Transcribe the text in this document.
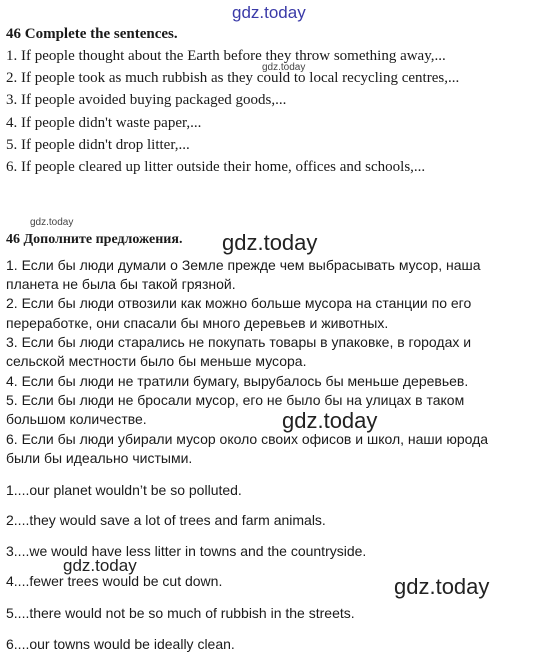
gdz.today
gdz.today
gdz.today
gdz.today
gdz.today
gdz.today
gdz.today
46 Complete the sentences.
1. If people thought about the Earth before they throw something away,...
2. If people took as much rubbish as they could to local recycling centres,...
3. If people avoided buying packaged goods,...
4. If people didn't waste paper,...
5. If people didn't drop litter,...
6. If people cleared up litter outside their home, offices and schools,...
46 Дополните предложения.
1. Если бы люди думали о Земле прежде чем выбрасывать мусор, наша
планета не была бы такой грязной.
2. Если бы люди отвозили как можно больше мусора на станции по его
переработке, они спасали бы много деревьев и животных.
3. Если бы люди старались не покупать товары в упаковке, в городах и
сельской местности было бы меньше мусора.
4. Если бы люди не тратили бумагу, вырубалось бы меньше деревьев.
5. Если бы люди не бросали мусор, его не было бы на улицах в таком
большом количестве.
6. Если бы люди убирали мусор около своих офисов и школ, наши юрода
были бы идеально чистыми.
1....our planet wouldn’t be so polluted.
2....they would save a lot of trees and farm animals.
3....we would have less litter in towns and the countryside.
4....fewer trees would be cut down.
5....there would not be so much of rubbish in the streets.
6....our towns would be ideally clean.
